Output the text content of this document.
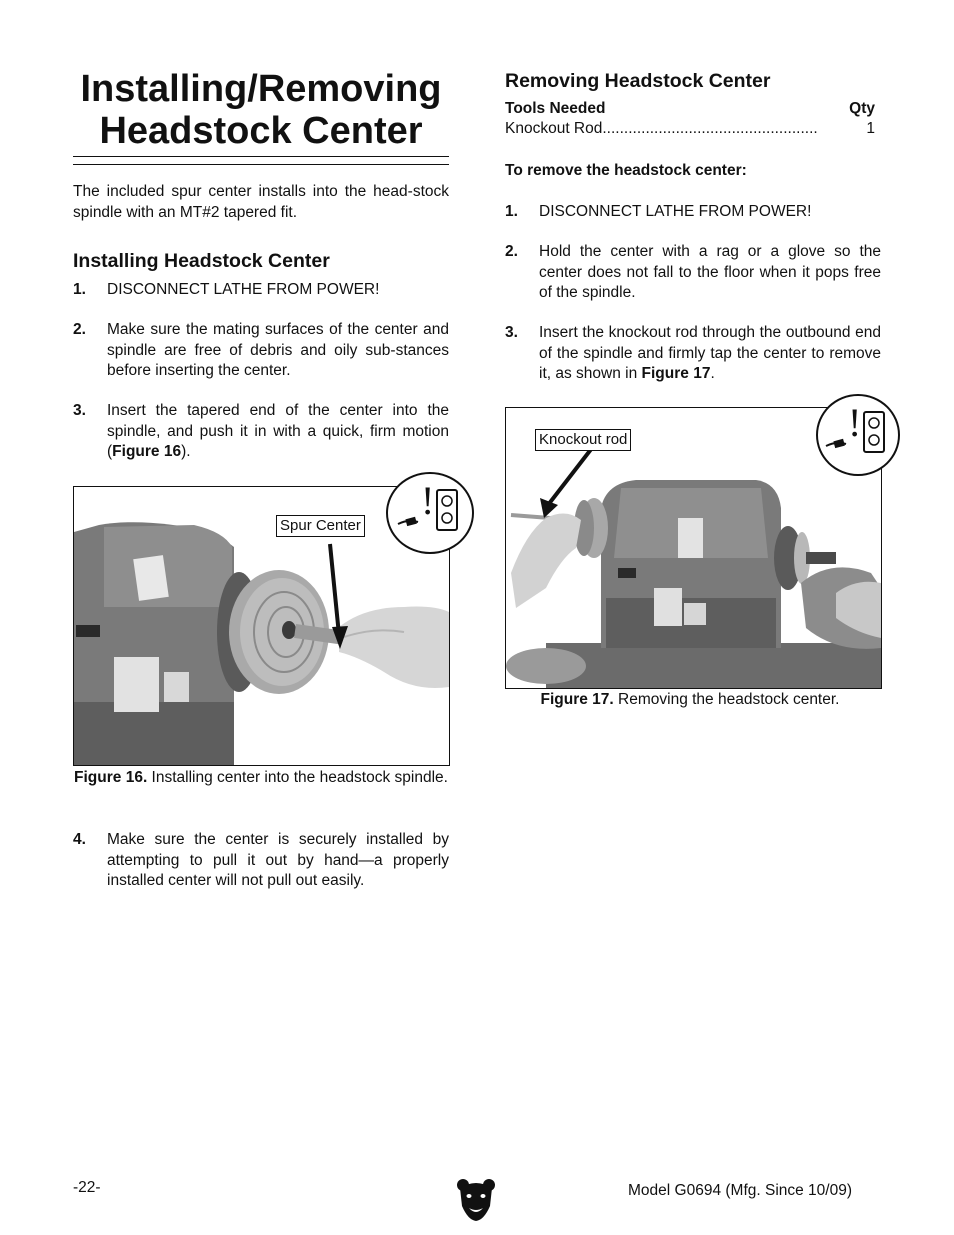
Installing/Removing
Headstock Center
The included spur center installs into the head-stock spindle with an MT#2 tapered fit.
Installing Headstock Center
1. DISCONNECT LATHE FROM POWER!
2. Make sure the mating surfaces of the center and spindle are free of debris and oily sub-stances before inserting the center.
3. Insert the tapered end of the center into the spindle, and push it in with a quick, firm motion (Figure 16).
Spur Center
!
Figure 16. Installing center into the headstock spindle.
4. Make sure the center is securely installed by attempting to pull it out by hand—a properly installed center will not pull out easily.
Removing Headstock Center
Tools Needed	Qty
Knockout Rod..................................................	1
To remove the headstock center:
1. DISCONNECT LATHE FROM POWER!
2. Hold the center with a rag or a glove so the center does not fall to the floor when it pops free of the spindle.
3. Insert the knockout rod through the outbound end of the spindle and firmly tap the center to remove it, as shown in Figure 17.
Knockout rod	!
Figure 17. Removing the headstock center.
-22-	Model G0694 (Mfg. Since 10/09)
